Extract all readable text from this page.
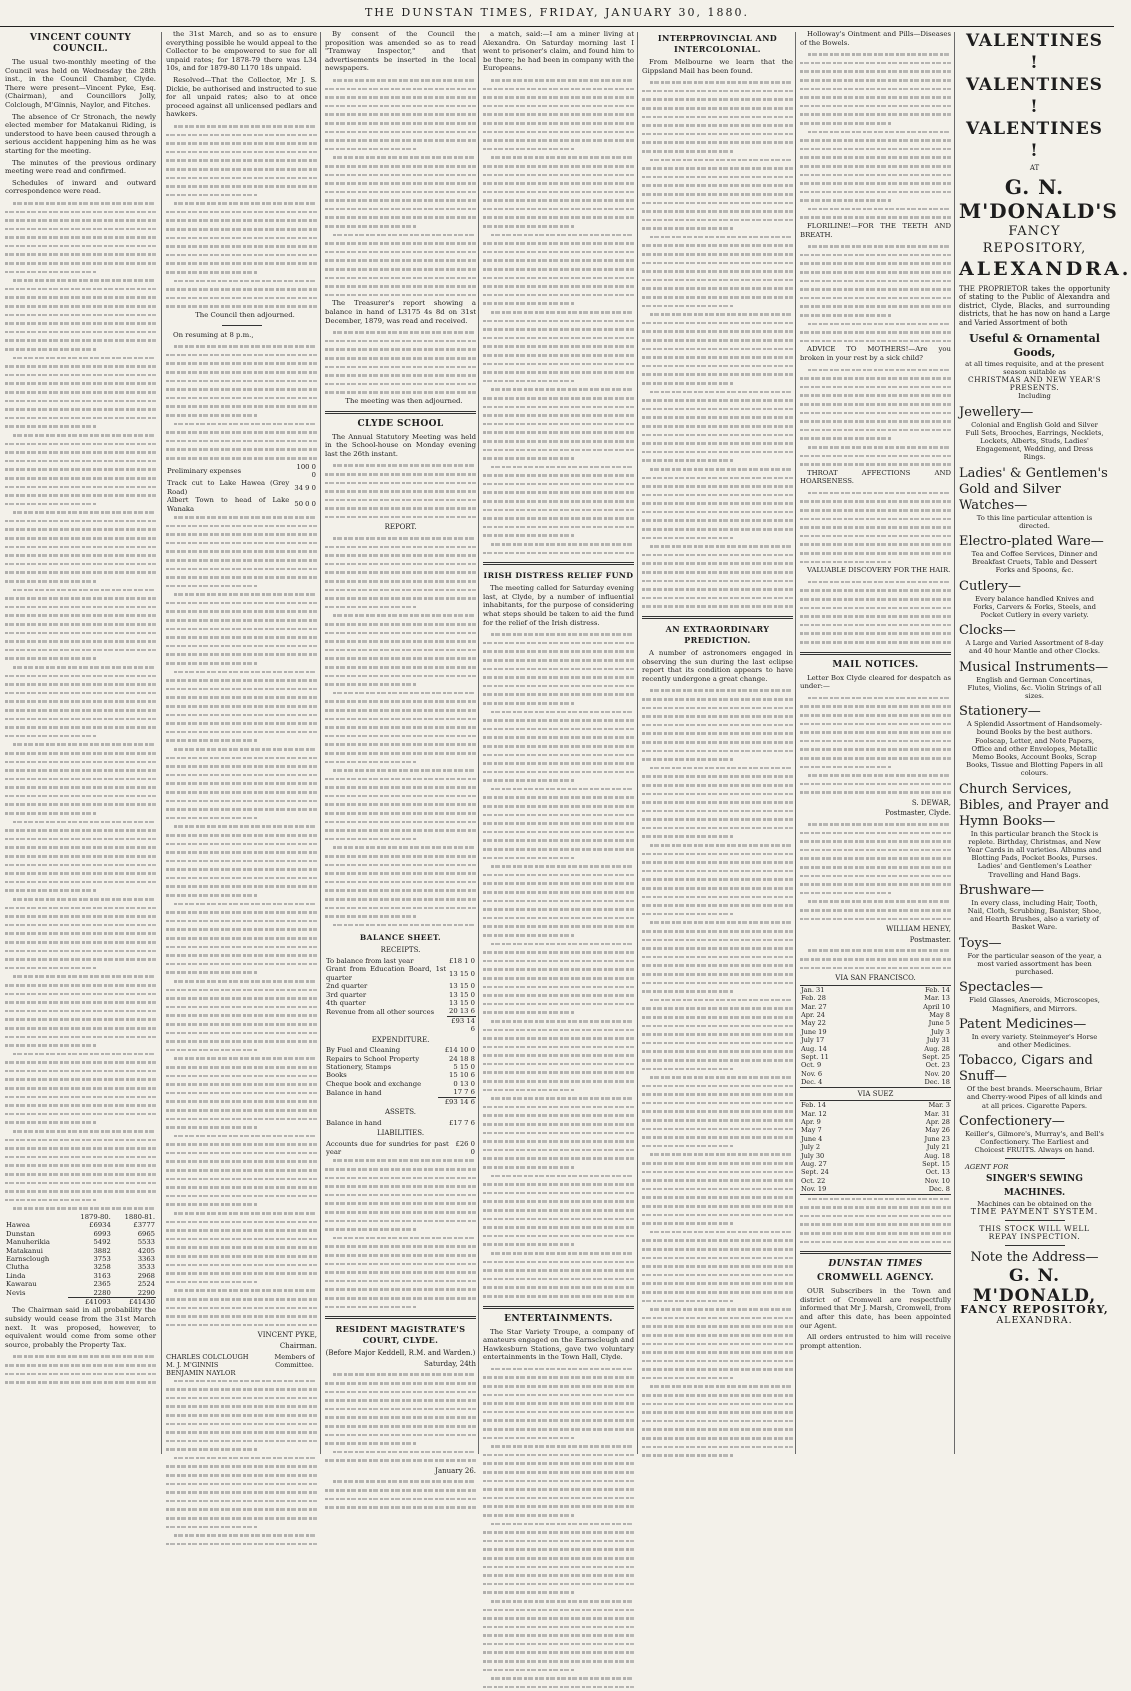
THE DUNSTAN TIMES, FRIDAY, JANUARY 30, 1880.
VINCENT COUNTY COUNCIL.

The usual two-monthly meeting of the Council was held on Wednesday the 28th inst., in the Council Chamber, Clyde. There were present—Vincent Pyke, Esq. (Chairman), and Councillors Jolly, Colclough, M'Ginnis, Naylor, and Fitches.

The absence of Cr Stronach, the newly elected member for Matakanui Riding, is understood to have been caused through a serious accident happening him as he was starting for the meeting.

The minutes of the previous ordinary meeting were read and confirmed.

Schedules of inward and outward correspondence were read.

	1879-80.	1880-81.
Hawea	£6934	£3777
Dunstan	6993	6965
Manuherikia	5492	5533
Matakanui	3882	4205
Earnsclough	3753	3363
Clutha	3258	3533
Linda	3163	2968
Kawarau	2365	2524
Nevis	2280	2290
	£41093	£41430

The Chairman said in all probability the subsidy would cease from the 31st March next. It was proposed, however, to equivalent would come from some other source, probably the Property Tax.

the 31st March, and so as to ensure everything possible he would appeal to the Collector to be empowered to sue for all unpaid rates; for 1878-79 there was L34 10s, and for 1879-80 L170 18s unpaid.

Resolved—That the Collector, Mr J. S. Dickie, be authorised and instructed to sue for all unpaid rates; also to at once proceed against all unlicensed pedlars and hawkers.

The Council then adjourned.

On resuming at 8 p.m.,

Preliminary expenses	100 0 0
Track cut to Lake Hawea (Grey Road)	34 9 0
Albert Town to head of Lake Wanaka	50 0 0
VINCENT PYKE,
Chairman.
CHARLES COLCLOUGH
M. J. M'GINNIS
BENJAMIN NAYLOR
Members of Committee.

By consent of the Council the proposition was amended so as to read "Tramway Inspector," and that advertisements be inserted in the local newspapers.

The Treasurer's report showing a balance in hand of L3175 4s 8d on 31st December, 1879, was read and received.

The meeting was then adjourned.

CLYDE SCHOOL

The Annual Statutory Meeting was held in the School-house on Monday evening last the 26th instant.

REPORT.
BALANCE SHEET.
RECEIPTS.
To balance from last year	£18 1 0
Grant from Education Board, 1st quarter	13 15 0
2nd quarter	13 15 0
3rd quarter	13 15 0
4th quarter	13 15 0
Revenue from all other sources	20 13 6
	£93 14 6
EXPENDITURE.
By Fuel and Cleaning	£14 10 0
Repairs to School Property	24 18 8
Stationery, Stamps	5 15 0
Books	15 10 6
Cheque book and exchange	0 13 0
Balance in hand	17 7 6
	£93 14 6
ASSETS.
Balance in hand	£17 7 6
LIABILITIES.
Accounts due for sundries for past year	£26 0 0
RESIDENT MAGISTRATE'S COURT, CLYDE.
(Before Major Keddell, R.M. and Warden.)
Saturday, 24th
January 26.

a match, said:—I am a miner living at Alexandra. On Saturday morning last I went to prisoner's claim, and found him to be there; he had been in company with the Europeans.

IRISH DISTRESS RELIEF FUND

The meeting called for Saturday evening last, at Clyde, by a number of influential inhabitants, for the purpose of considering what steps should be taken to aid the fund for the relief of the Irish distress.

ENTERTAINMENTS.

The Star Variety Troupe, a company of amateurs engaged on the Earnscleugh and Hawkesburn Stations, gave two voluntary entertainments in the Town Hall, Clyde.

INTERPROVINCIAL AND INTERCOLONIAL.

From Melbourne we learn that the Gippsland Mail has been found.

AN EXTRAORDINARY PREDICTION.

A number of astronomers engaged in observing the sun during the last eclipse report that its condition appears to have recently undergone a great change.

Holloway's Ointment and Pills—Diseases of the Bowels.

FLORILINE!—FOR THE TEETH AND BREATH.

ADVICE TO MOTHERS!—Are you broken in your rest by a sick child?

THROAT AFFECTIONS AND HOARSENESS.

VALUABLE DISCOVERY FOR THE HAIR.

MAIL NOTICES.

Letter Box Clyde cleared for despatch as under:—

S. DEWAR,
Postmaster, Clyde.
WILLIAM HENEY,
Postmaster.
VIA SAN FRANCISCO.
Jan. 31	Feb. 14
Feb. 28	Mar. 13
Mar. 27	April 10
Apr. 24	May 8
May 22	June 5
June 19	July 3
July 17	July 31
Aug. 14	Aug. 28
Sept. 11	Sept. 25
Oct. 9	Oct. 23
Nov. 6	Nov. 20
Dec. 4	Dec. 18
VIA SUEZ
Feb. 14	Mar. 3
Mar. 12	Mar. 31
Apr. 9	Apr. 28
May 7	May 26
June 4	June 23
July 2	July 21
July 30	Aug. 18
Aug. 27	Sept. 15
Sept. 24	Oct. 13
Oct. 22	Nov. 10
Nov. 19	Dec. 8
DUNSTAN TIMES
CROMWELL AGENCY.

OUR Subscribers in the Town and district of Cromwell are respectfully informed that Mr J. Marsh, Cromwell, from and after this date, has been appointed our Agent.

All orders entrusted to him will receive prompt attention.

VALENTINES !
VALENTINES !
VALENTINES !
AT
G. N. M'DONALD'S
FANCY REPOSITORY,
ALEXANDRA.
THE PROPRIETOR takes the opportunity of stating to the Public of Alexandra and district, Clyde, Blacks, and surrounding districts, that he has now on hand a Large and Varied Assortment of both
Useful & Ornamental Goods,
at all times requisite, and at the present season suitable as
CHRISTMAS AND NEW YEAR'S PRESENTS.
Including
Jewellery—
Colonial and English Gold and Silver Full Sets, Brooches, Earrings, Necklets, Lockets, Alberts, Studs, Ladies' Engagement, Wedding, and Dress Rings.
Ladies' & Gentlemen's Gold and Silver Watches—
To this line particular attention is directed.
Electro-plated Ware—
Tea and Coffee Services, Dinner and Breakfast Cruets, Table and Dessert Forks and Spoons, &c.
Cutlery—
Every balance handled Knives and Forks, Carvers & Forks, Steels, and Pocket Cutlery in every variety.
Clocks—
A Large and Varied Assortment of 8-day and 40 hour Mantle and other Clocks.
Musical Instruments—
English and German Concertinas, Flutes, Violins, &c. Violin Strings of all sizes.
Stationery—
A Splendid Assortment of Handsomely-bound Books by the best authors. Foolscap, Letter, and Note Papers, Office and other Envelopes, Metallic Memo Books, Account Books, Scrap Books, Tissue and Blotting Papers in all colours.
Church Services, Bibles, and Prayer and Hymn Books—
In this particular branch the Stock is replete. Birthday, Christmas, and New Year Cards in all varieties. Albums and Blotting Pads, Pocket Books, Purses. Ladies' and Gentlemen's Leather Travelling and Hand Bags.
Brushware—
In every class, including Hair, Tooth, Nail, Cloth, Scrubbing, Banister, Shoe, and Hearth Brushes, also a variety of Basket Ware.
Toys—
For the particular season of the year, a most varied assortment has been purchased.
Spectacles—
Field Glasses, Aneroids, Microscopes, Magnifiers, and Mirrors.
Patent Medicines—
In every variety. Steinmeyer's Horse and other Medicines.
Tobacco, Cigars and Snuff—
Of the best brands. Meerschaum, Briar and Cherry-wood Pipes of all kinds and at all prices. Cigarette Papers.
Confectionery—
Keiller's, Gilmore's, Murray's, and Bell's Confectionery. The Earliest and Choicest FRUITS. Always on hand.
AGENT FOR
SINGER'S SEWING MACHINES.
Machines can be obtained on the
TIME PAYMENT SYSTEM.
THIS STOCK WILL WELL REPAY INSPECTION.
Note the Address—
G. N. M'DONALD,
FANCY REPOSITORY,
ALEXANDRA.
